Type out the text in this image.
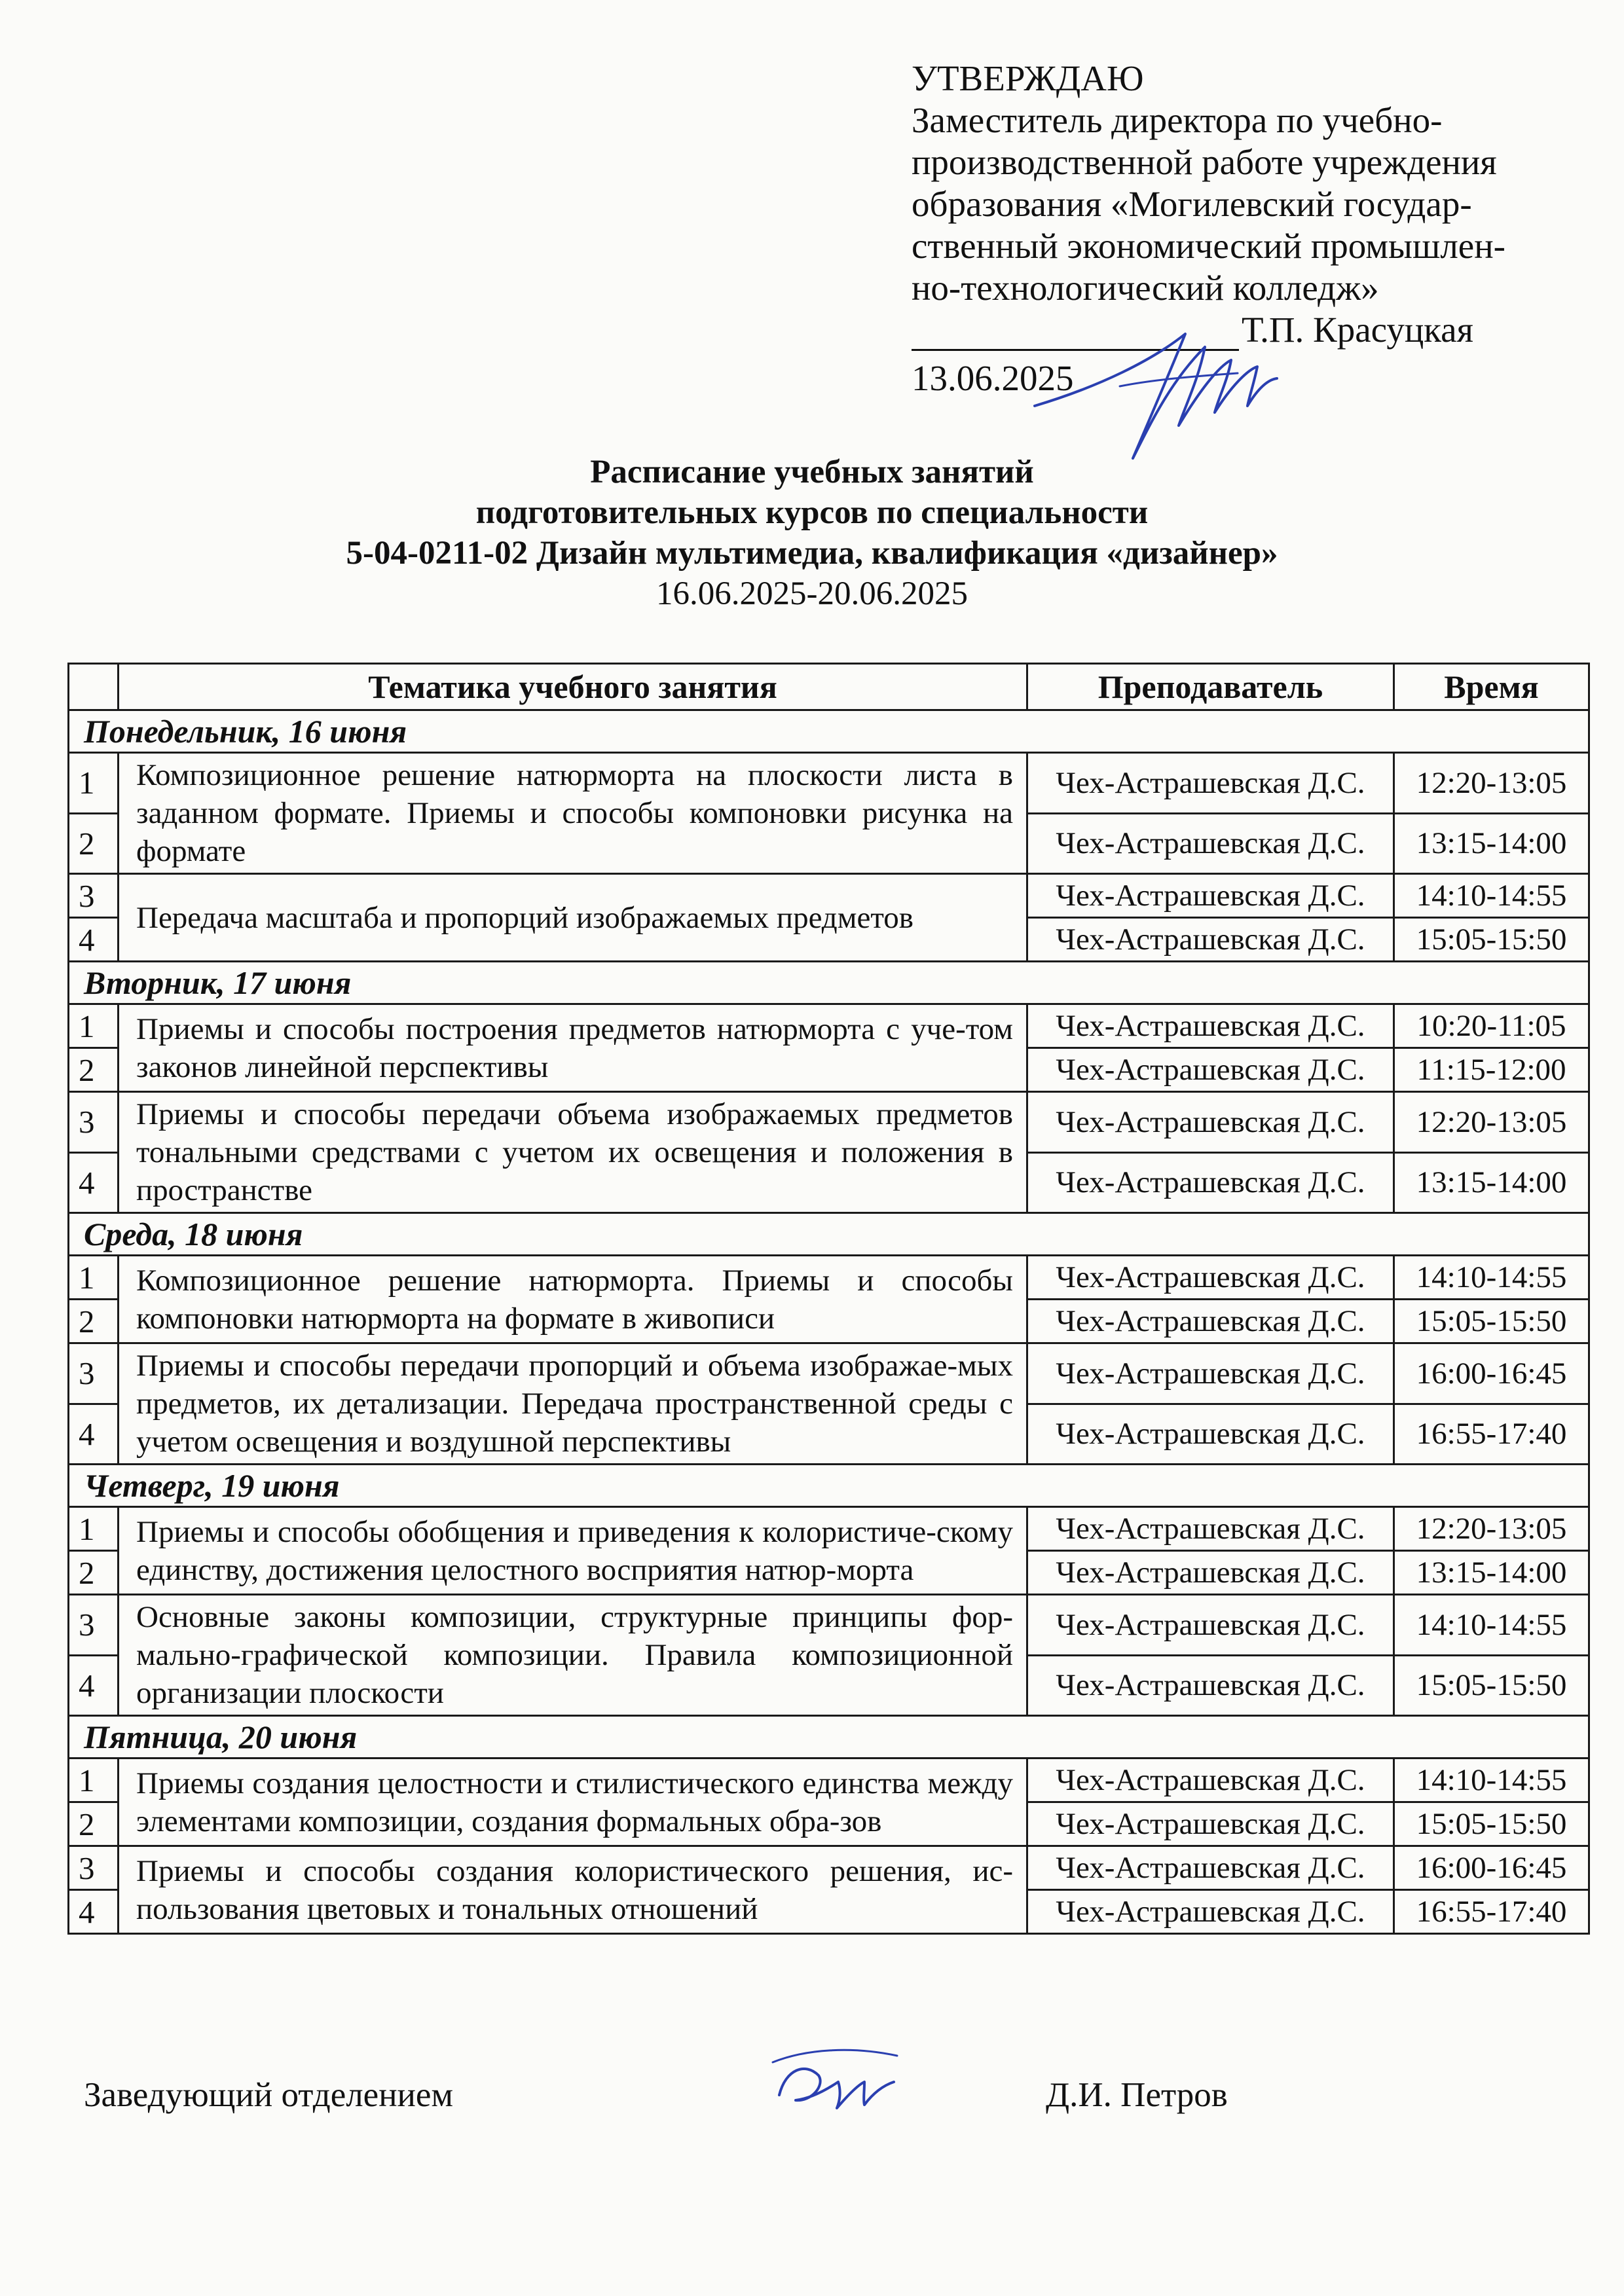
УТВЕРЖДАЮ
Заместитель директора по учебно-
производственной работе учреждения
образования «Могилевский государ-
ственный экономический промышлен-
но-технологический колледж»
Т.П. Красуцкая
13.06.2025
Расписание учебных занятий
подготовительных курсов по специальности
5-04-0211-02 Дизайн мультимедиа, квалификация «дизайнер»
16.06.2025-20.06.2025
	Тематика учебного занятия	Преподаватель	Время
Понедельник, 16 июня			
1	Композиционное решение натюрморта на плоскости листа в заданном формате. Приемы и способы компоновки рисунка на формате	Чех-Астрашевская Д.С.	12:20-13:05
2		Чех-Астрашевская Д.С.	13:15-14:00
3	Передача масштаба и пропорций изображаемых предметов	Чех-Астрашевская Д.С.	14:10-14:55
4		Чех-Астрашевская Д.С.	15:05-15:50
Вторник, 17 июня			
1	Приемы и способы построения предметов натюрморта с уче-том законов линейной перспективы	Чех-Астрашевская Д.С.	10:20-11:05
2		Чех-Астрашевская Д.С.	11:15-12:00
3	Приемы и способы передачи объема изображаемых предметов тональными средствами с учетом их освещения и положения в пространстве	Чех-Астрашевская Д.С.	12:20-13:05
4		Чех-Астрашевская Д.С.	13:15-14:00
Среда, 18 июня			
1	Композиционное решение натюрморта. Приемы и способы компоновки натюрморта на формате в живописи	Чех-Астрашевская Д.С.	14:10-14:55
2		Чех-Астрашевская Д.С.	15:05-15:50
3	Приемы и способы передачи пропорций и объема изображае-мых предметов, их детализации. Передача пространственной среды с учетом освещения и воздушной перспективы	Чех-Астрашевская Д.С.	16:00-16:45
4		Чех-Астрашевская Д.С.	16:55-17:40
Четверг, 19 июня			
1	Приемы и способы обобщения и приведения к колористиче-скому единству, достижения целостного восприятия натюр-морта	Чех-Астрашевская Д.С.	12:20-13:05
2		Чех-Астрашевская Д.С.	13:15-14:00
3	Основные законы композиции, структурные принципы фор-мально-графической композиции. Правила композиционной организации плоскости	Чех-Астрашевская Д.С.	14:10-14:55
4		Чех-Астрашевская Д.С.	15:05-15:50
Пятница, 20 июня			
1	Приемы создания целостности и стилистического единства между элементами композиции, создания формальных обра-зов	Чех-Астрашевская Д.С.	14:10-14:55
2		Чех-Астрашевская Д.С.	15:05-15:50
3	Приемы и способы создания колористического решения, ис-пользования цветовых и тональных отношений	Чех-Астрашевская Д.С.	16:00-16:45
4		Чех-Астрашевская Д.С.	16:55-17:40
Заведующий отделением	Д.И. Петров
